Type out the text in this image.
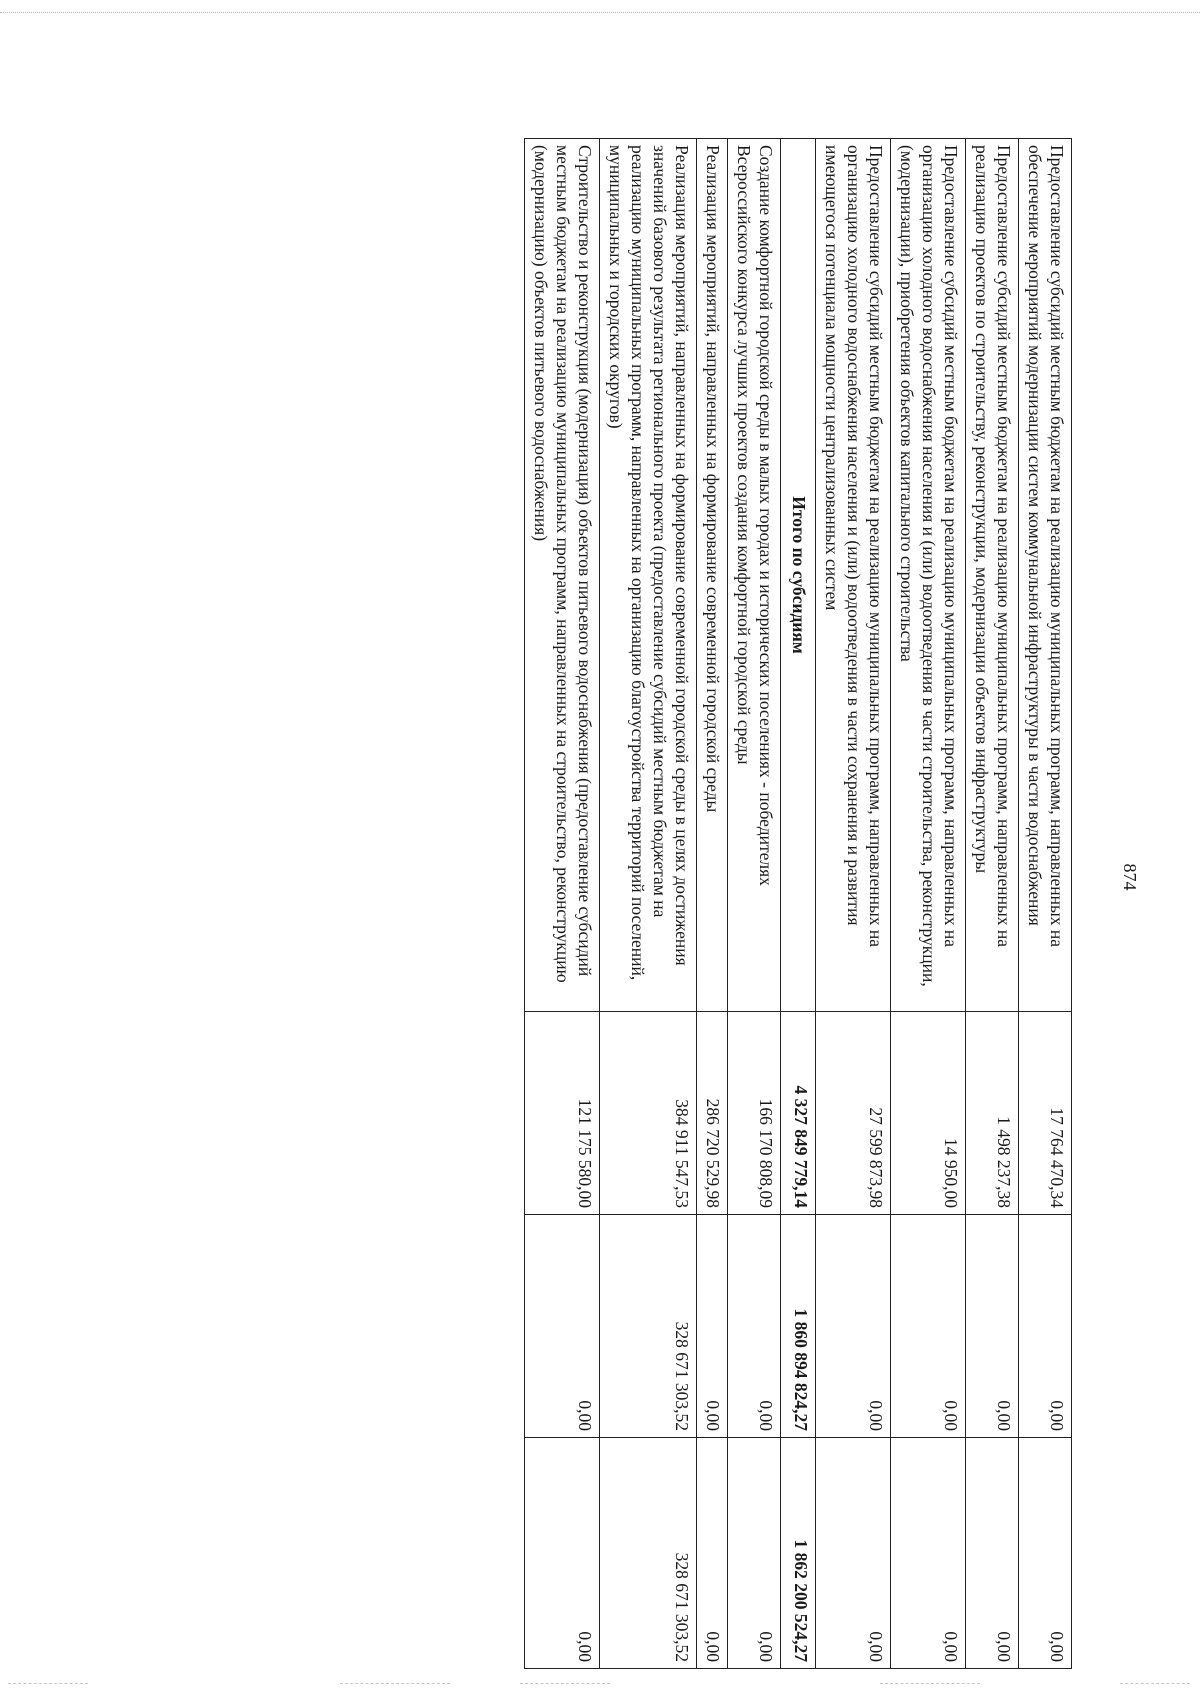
874
Предоставление субсидий местным бюджетам на реализацию муниципальных программ, направленных на обеспечение мероприятий модернизации систем коммунальной инфраструктуры в части водоснабжения	17 764 470,34	0,00	0,00
Предоставление субсидий местным бюджетам на реализацию муниципальных программ, направленных на реализацию проектов по строительству, реконструкции, модернизации объектов инфраструктуры	1 498 237,38	0,00	0,00
Предоставление субсидий местным бюджетам на реализацию муниципальных программ, направленных на организацию холодного водоснабжения населения и (или) водоотведения в части строительства, реконструкции, (модернизации), приобретения объектов капитального строительства	14 950,00	0,00	0,00
Предоставление субсидий местным бюджетам на реализацию муниципальных программ, направленных на организацию холодного водоснабжения населения и (или) водоотведения в части сохранения и развития имеющегося потенциала мощности централизованных систем	27 599 873,98	0,00	0,00
Итого по субсидиям	4 327 849 779,14	1 860 894 824,27	1 862 200 524,27
Создание комфортной городской среды в малых городах и исторических поселениях - победителях Всероссийского конкурса лучших проектов создания комфортной городской среды	166 170 808,09	0,00	0,00
Реализация мероприятий, направленных на формирование современной городской среды	286 720 529,98	0,00	0,00
Реализация мероприятий, направленных на формирование современной городской среды в целях достижения значений базового результата регионального проекта (предоставление субсидий местным бюджетам на реализацию муниципальных программ, направленных на организацию благоустройства территорий поселений, муниципальных и городских округов)	384 911 547,53	328 671 303,52	328 671 303,52
Строительство и реконструкция (модернизация) объектов питьевого водоснабжения (предоставление субсидий местным бюджетам на реализацию муниципальных программ, направленных на строительство, реконструкцию (модернизацию) объектов питьевого водоснабжения)	121 175 580,00	0,00	0,00
